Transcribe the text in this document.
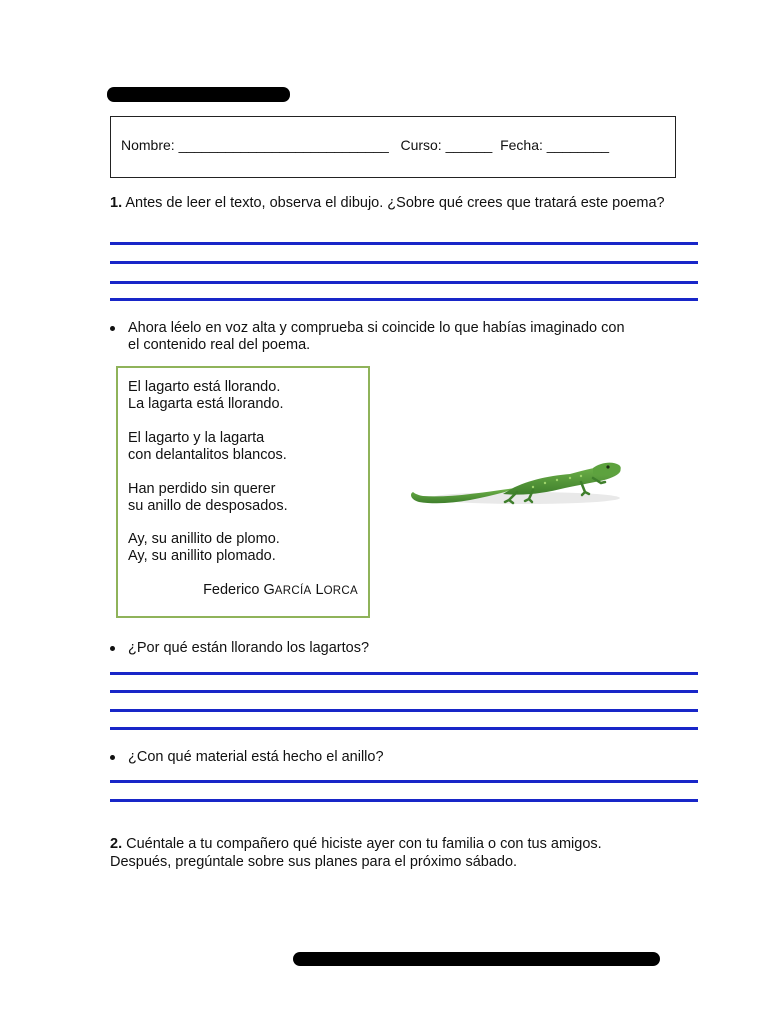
Nombre: ___________________________   Curso: ______  Fecha: ________
1. Antes de leer el texto, observa el dibujo. ¿Sobre qué crees que tratará este poema?
Ahora léelo en voz alta y comprueba si coincide lo que habías imaginado con
el contenido real del poema.
El lagarto está llorando.
La lagarta está llorando.
El lagarto y la lagarta
con delantalitos blancos.
Han perdido sin querer
su anillo de desposados.
Ay, su anillito de plomo.
Ay, su anillito plomado.
Federico GARCÍA LORCA
¿Por qué están llorando los lagartos?
¿Con qué material está hecho el anillo?
2. Cuéntale a tu compañero qué hiciste ayer con tu familia o con tus amigos.
Después, pregúntale sobre sus planes para el próximo sábado.
